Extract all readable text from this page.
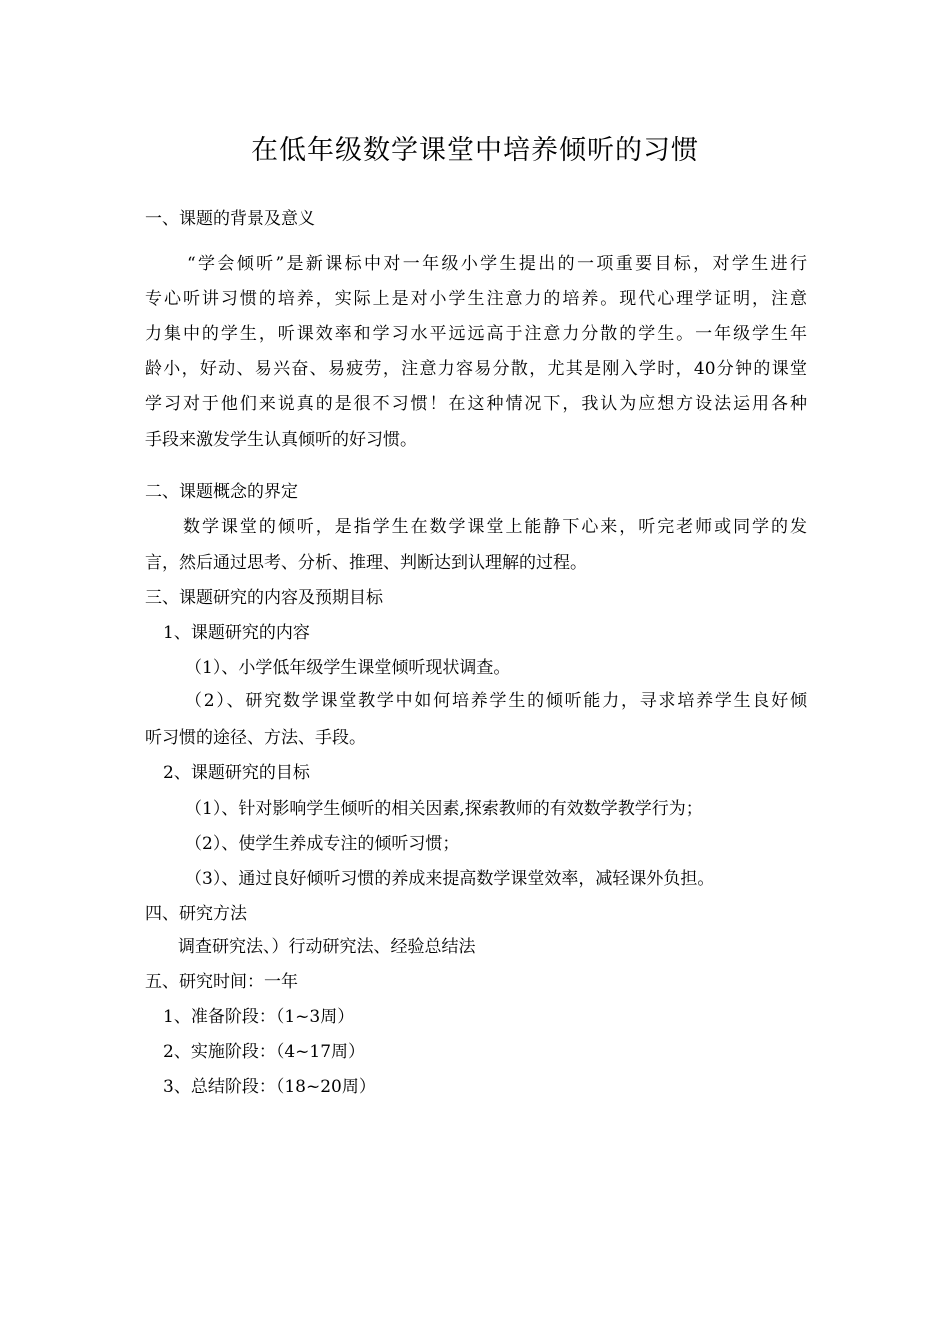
在低年级数学课堂中培养倾听的习惯

一、课题的背景及意义

“学会倾听”是新课标中对一年级小学生提出的一项重要目标，对学生进行

专心听讲习惯的培养，实际上是对小学生注意力的培养。现代心理学证明，注意

力集中的学生，听课效率和学习水平远远高于注意力分散的学生。一年级学生年

龄小，好动、易兴奋、易疲劳，注意力容易分散，尤其是刚入学时，40分钟的课堂

学习对于他们来说真的是很不习惯！在这种情况下，我认为应想方设法运用各种

手段来激发学生认真倾听的好习惯。

二、课题概念的界定

数学课堂的倾听，是指学生在数学课堂上能静下心来，听完老师或同学的发

言，然后通过思考、分析、推理、判断达到认理解的过程。

三、课题研究的内容及预期目标

1、课题研究的内容

（1）、小学低年级学生课堂倾听现状调查。

（2）、研究数学课堂教学中如何培养学生的倾听能力，寻求培养学生良好倾

听习惯的途径、方法、手段。

2、课题研究的目标

（1）、针对影响学生倾听的相关因素,探索教师的有效数学教学行为；

（2）、使学生养成专注的倾听习惯；

（3）、通过良好倾听习惯的养成来提高数学课堂效率，减轻课外负担。

四、研究方法

调查研究法、）行动研究法、经验总结法

五、研究时间：一年

1、准备阶段：（1~3周）

2、实施阶段：（4~17周）

3、总结阶段：（18~20周）
